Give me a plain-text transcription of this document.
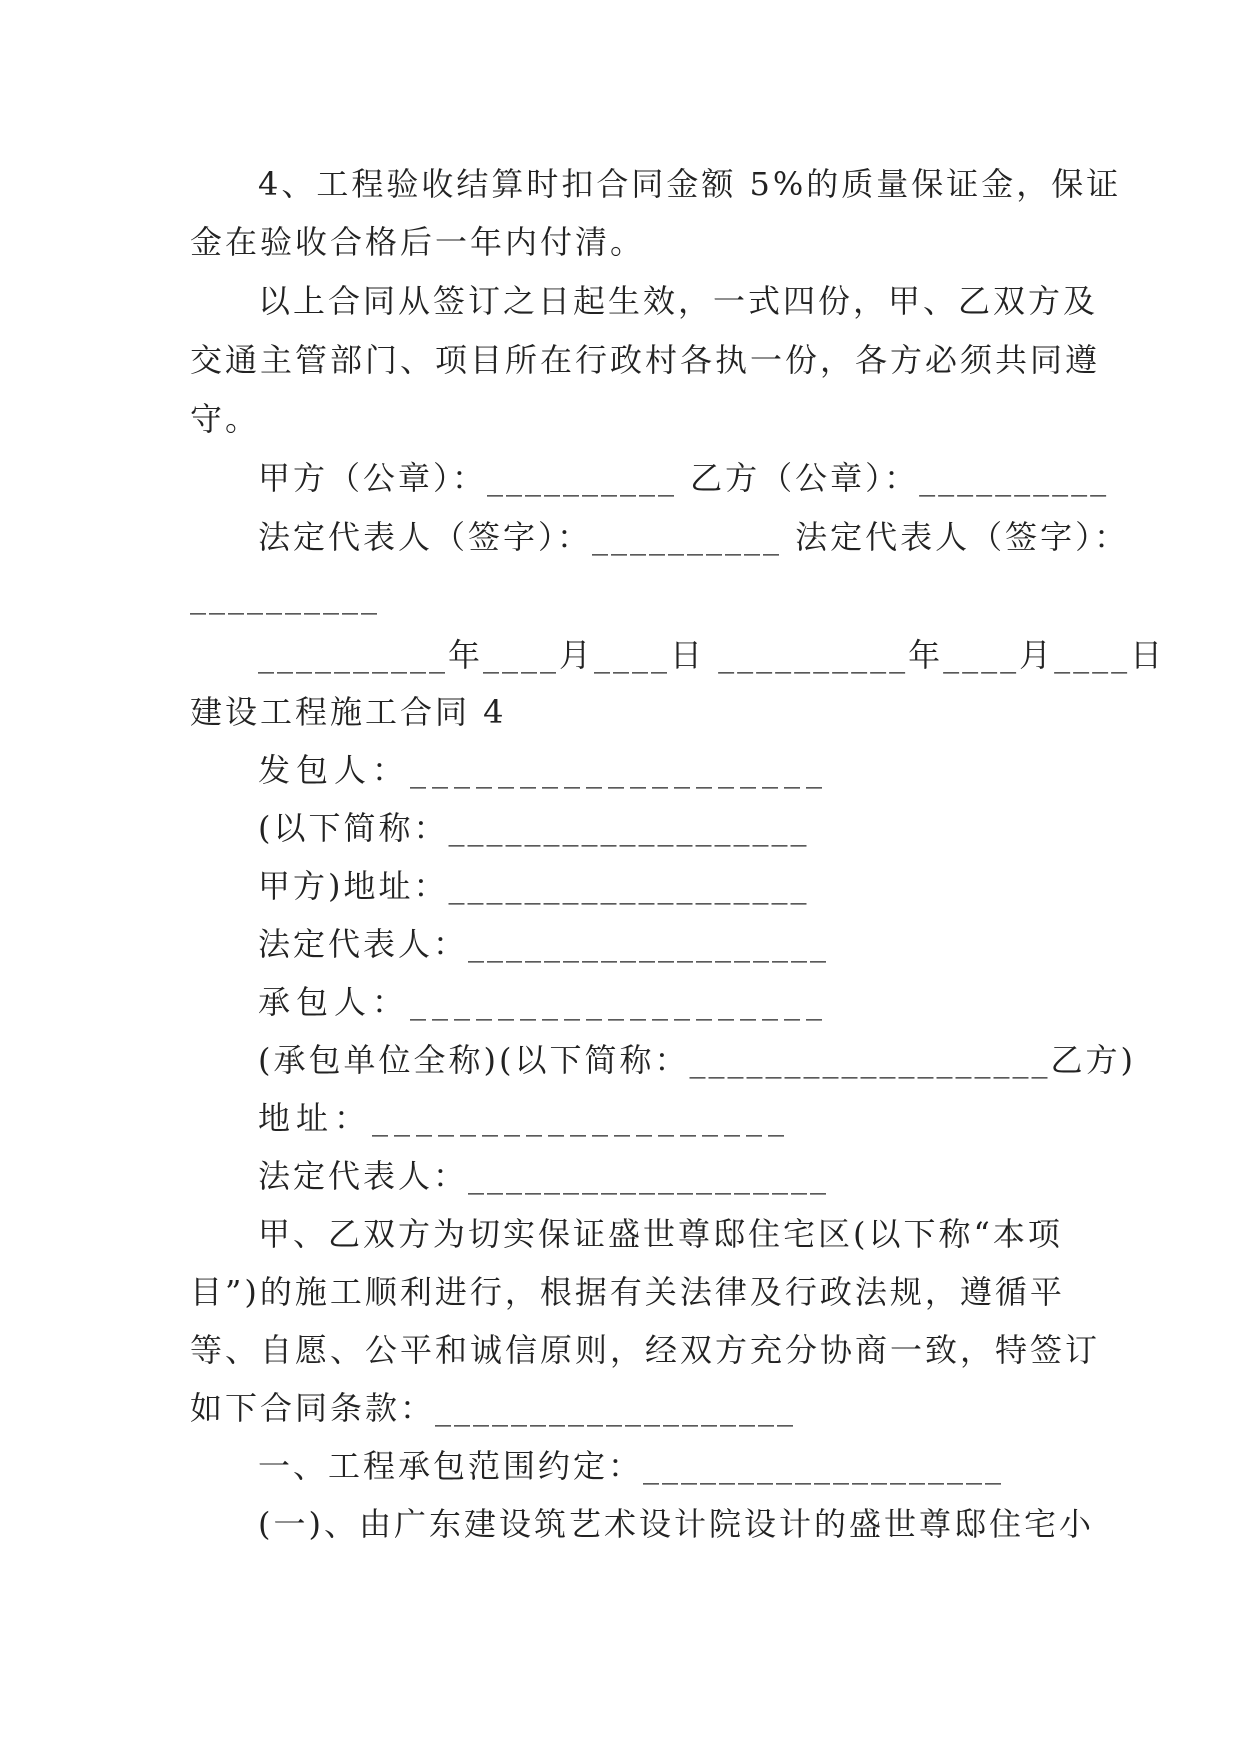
4、工程验收结算时扣合同金额 5%的质量保证金，保证
金在验收合格后一年内付清。
以上合同从签订之日起生效，一式四份，甲、乙双方及
交通主管部门、项目所在行政村各执一份，各方必须共同遵
守。
甲方（公章）：__________ 乙方（公章）：__________
法定代表人（签字）：__________ 法定代表人（签字）：
__________
__________年____月____日 __________年____月____日
建设工程施工合同 4
发包人：___________________
(以下简称：___________________
甲方)地址：___________________
法定代表人：___________________
承包人：___________________
(承包单位全称)(以下简称：___________________乙方)
地址：___________________
法定代表人：___________________
甲、乙双方为切实保证盛世尊邸住宅区(以下称“本项
目”)的施工顺利进行，根据有关法律及行政法规，遵循平
等、自愿、公平和诚信原则，经双方充分协商一致，特签订
如下合同条款：___________________
一、工程承包范围约定：___________________
(一)、由广东建设筑艺术设计院设计的盛世尊邸住宅小
